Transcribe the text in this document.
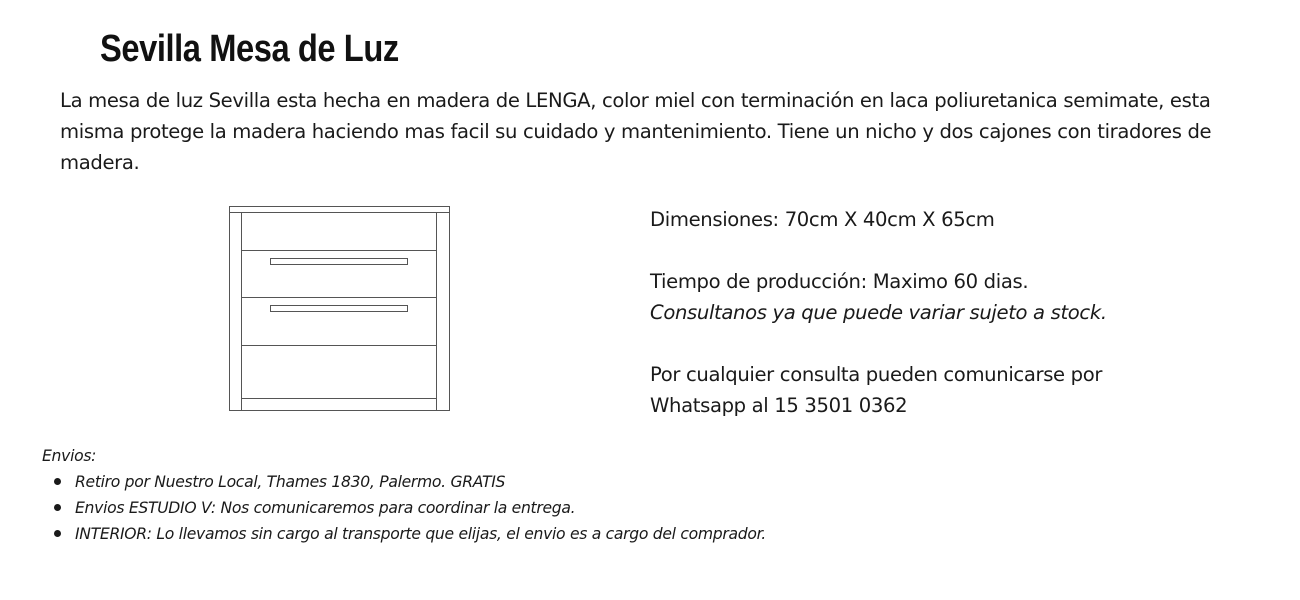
Sevilla Mesa de Luz

La mesa de luz Sevilla esta hecha en madera de LENGA, color miel con terminación en laca poliuretanica semimate, esta misma protege la madera haciendo mas facil su cuidado y mantenimiento. Tiene un nicho y dos cajones con tiradores de madera.

Dimensiones: 70cm X 40cm X 65cm

Tiempo de producción: Maximo 60 dias.

Consultanos ya que puede variar sujeto a stock.

Por cualquier consulta pueden comunicarse por

Whatsapp al 15 3501 0362

Envios:

Retiro por Nuestro Local, Thames 1830, Palermo. GRATIS
Envios ESTUDIO V: Nos comunicaremos para coordinar la entrega.
INTERIOR: Lo llevamos sin cargo al transporte que elijas, el envio es a cargo del comprador.
